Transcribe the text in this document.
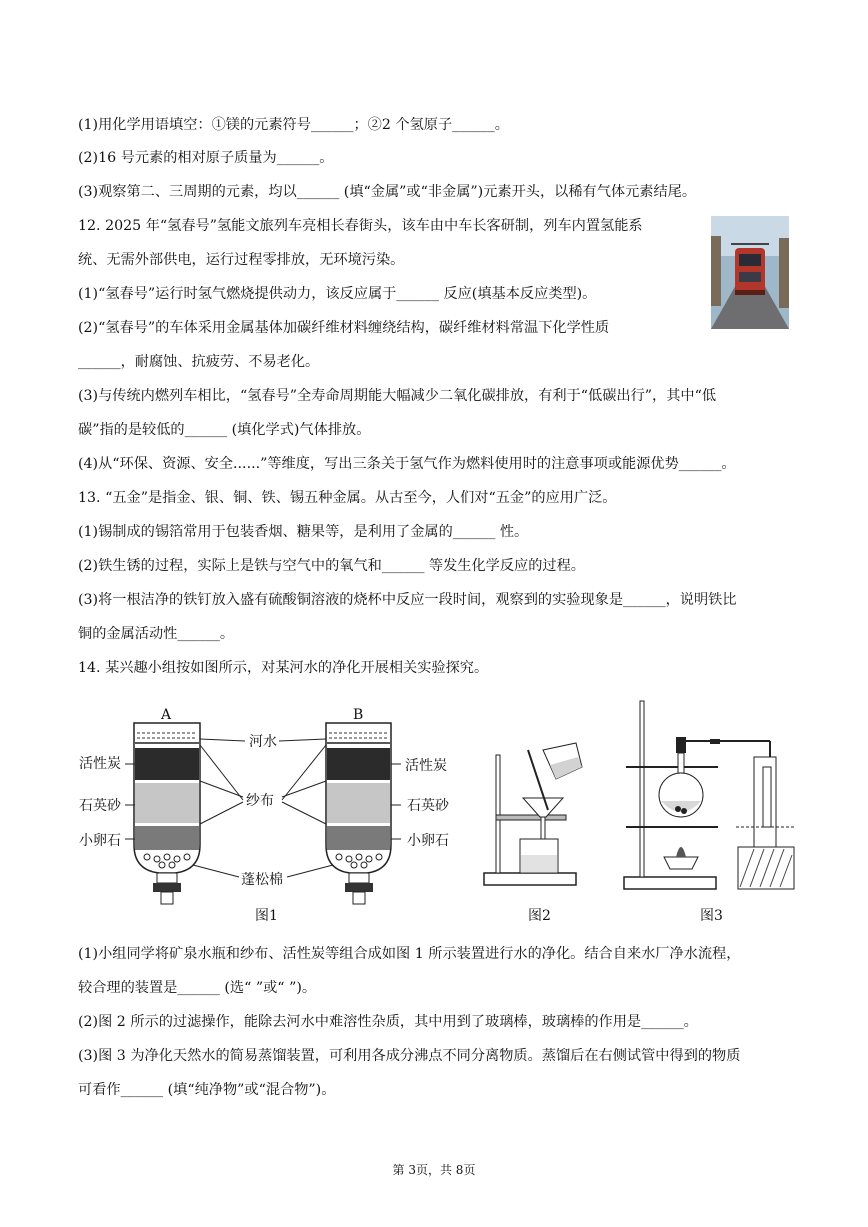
(1)用化学用语填空：①镁的元素符号______；②2 个氢原子______。
(2)16 号元素的相对原子质量为______。
(3)观察第二、三周期的元素，均以______ (填“金属”或“非金属”)元素开头，以稀有气体元素结尾。
12. 2025 年“氢春号”氢能文旅列车亮相长春街头，该车由中车长客研制，列车内置氢能系
统、无需外部供电，运行过程零排放，无环境污染。
(1)“氢春号”运行时氢气燃烧提供动力，该反应属于______ 反应(填基本反应类型)。
(2)“氢春号”的车体采用金属基体加碳纤维材料缠绕结构，碳纤维材料常温下化学性质
______，耐腐蚀、抗疲劳、不易老化。
(3)与传统内燃列车相比，“氢春号”全寿命周期能大幅减少二氧化碳排放，有利于“低碳出行”，其中“低
碳”指的是较低的______ (填化学式)气体排放。
(4)从“环保、资源、安全......”等维度，写出三条关于氢气作为燃料使用时的注意事项或能源优势______。
13. “五金”是指金、银、铜、铁、锡五种金属。从古至今，人们对“五金”的应用广泛。
(1)锡制成的锡箔常用于包装香烟、糖果等，是利用了金属的______ 性。
(2)铁生锈的过程，实际上是铁与空气中的氧气和______ 等发生化学反应的过程。
(3)将一根洁净的铁钉放入盛有硫酸铜溶液的烧杯中反应一段时间，观察到的实验现象是______，说明铁比
铜的金属活动性______。
14. 某兴趣小组按如图所示，对某河水的净化开展相关实验探究。
(1)小组同学将矿泉水瓶和纱布、活性炭等组合成如图 1 所示装置进行水的净化。结合自来水厂净水流程，
较合理的装置是______ (选“ ”或“ ”)。
(2)图 2 所示的过滤操作，能除去河水中难溶性杂质，其中用到了玻璃棒，玻璃棒的作用是______。
(3)图 3 为净化天然水的简易蒸馏装置，可利用各成分沸点不同分离物质。蒸馏后在右侧试管中得到的物质
可看作______ (填“纯净物”或“混合物”)。
A	B
河水
纱布
蓬松棉
活性炭
石英砂
小卵石
活性炭
石英砂
小卵石
图1	图2	图3
第 3页，共 8页
